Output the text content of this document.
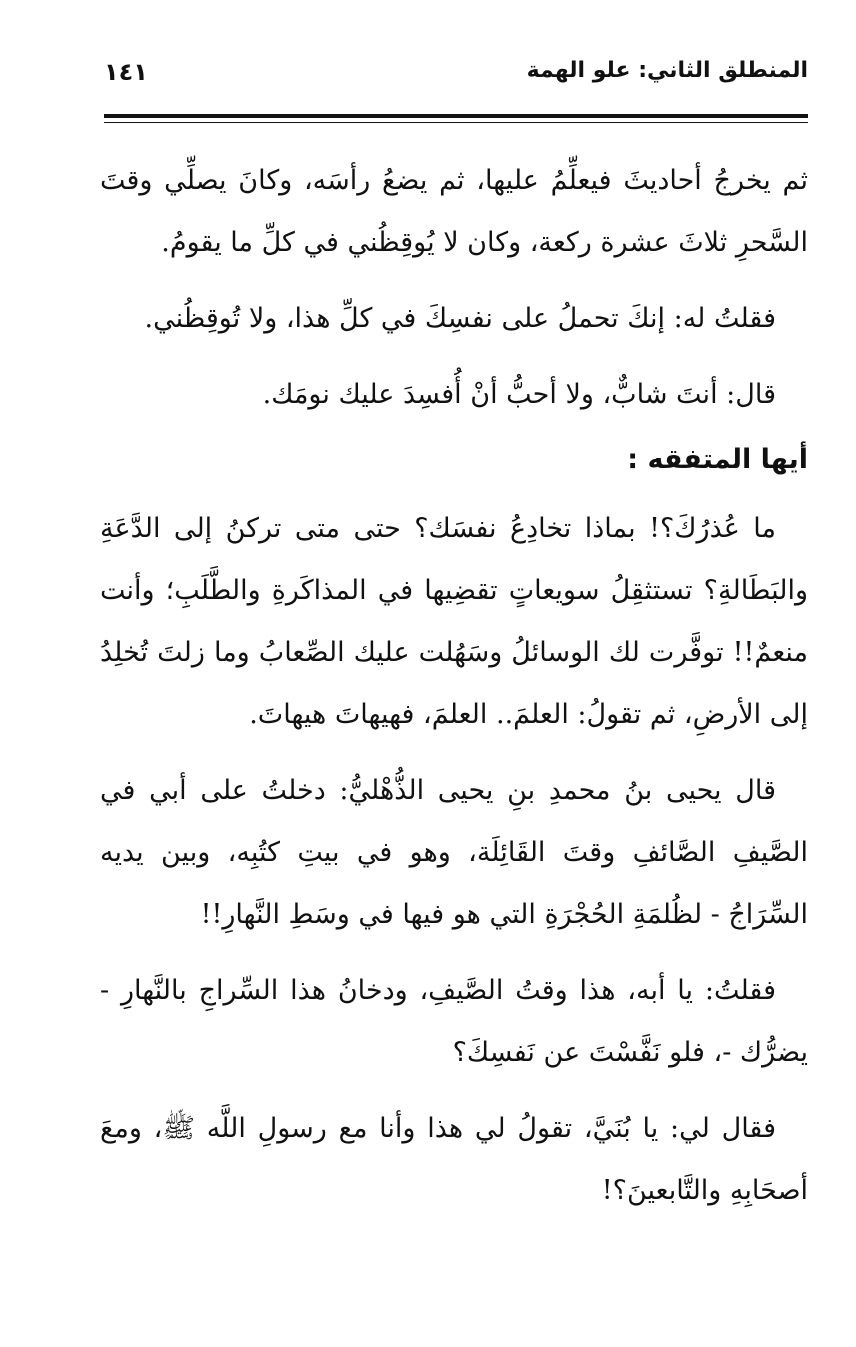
المنطلق الثاني: علو الهمة
١٤١

ثم يخرجُ أحاديثَ فيعلِّمُ عليها، ثم يضعُ رأسَه، وكانَ يصلِّي وقتَ السَّحرِ ثلاثَ عشرة ركعة، وكان لا يُوقِظُني في كلِّ ما يقومُ.

فقلتُ له: إنكَ تحملُ على نفسِكَ في كلِّ هذا، ولا تُوقِظُني.

قال: أنتَ شابٌّ، ولا أحبُّ أنْ أُفسِدَ عليك نومَك.

أيها المتفقه :

ما عُذرُكَ؟! بماذا تخادِعُ نفسَك؟ حتى متى تركنُ إلى الدَّعَةِ والبَطَالةِ؟ تستثقِلُ سويعاتٍ تقضِيها في المذاكَرةِ والطَّلَبِ؛ وأنت منعمٌ!! توفَّرت لك الوسائلُ وسَهُلت عليك الصِّعابُ وما زلتَ تُخلِدُ إلى الأرضِ، ثم تقولُ: العلمَ.. العلمَ، فهيهاتَ هيهاتَ.

قال يحيى بنُ محمدِ بنِ يحيى الذُّهْليُّ: دخلتُ على أبي في الصَّيفِ الصَّائفِ وقتَ القَائِلَة، وهو في بيتِ كتُبِه، وبين يديه السِّرَاجُ - لظُلمَةِ الحُجْرَةِ التي هو فيها في وسَطِ النَّهارِ!!

فقلتُ: يا أبه، هذا وقتُ الصَّيفِ، ودخانُ هذا السِّراجِ بالنَّهارِ - يضرُّك -، فلو نَفَّسْتَ عن نَفسِكَ؟

فقال لي: يا بُنَيَّ، تقولُ لي هذا وأنا مع رسولِ اللَّه ﷺ، ومعَ أصحَابِهِ والتَّابعينَ؟!
